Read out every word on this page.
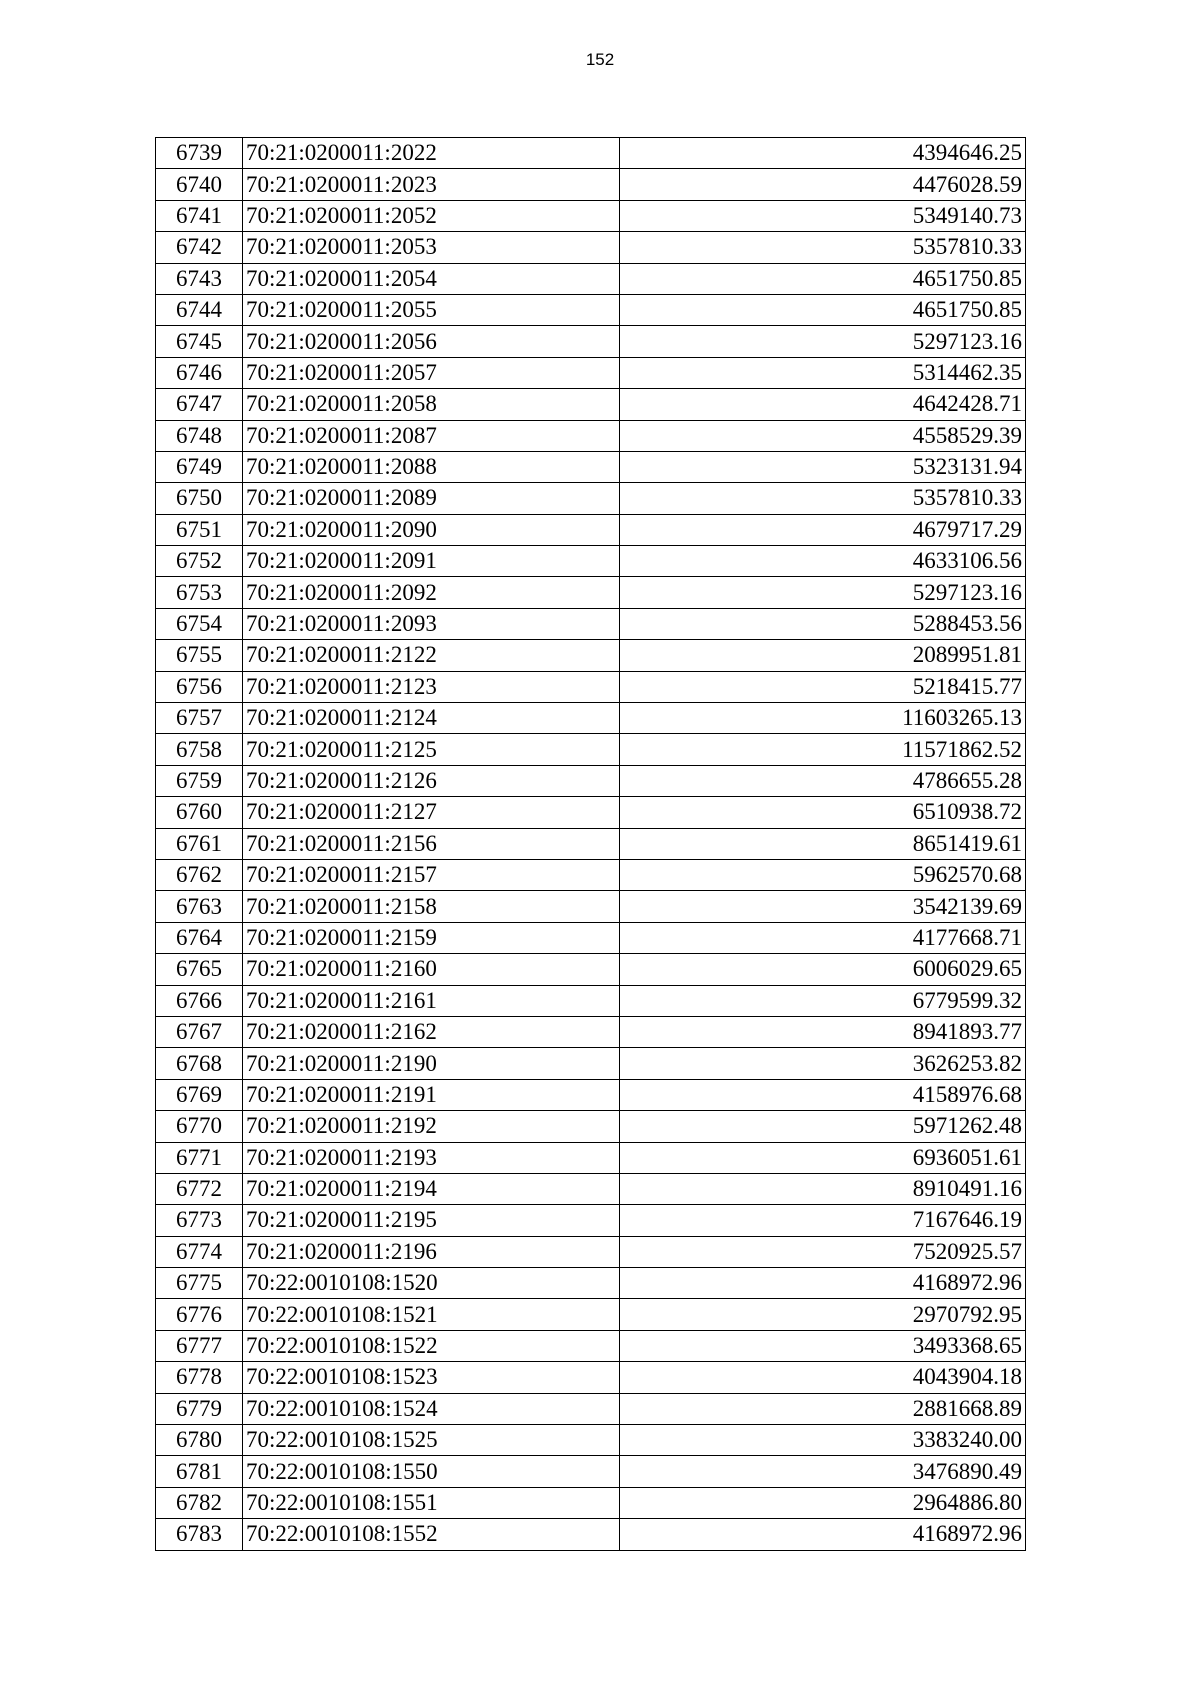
152
6739	70:21:0200011:2022	4394646.25
6740	70:21:0200011:2023	4476028.59
6741	70:21:0200011:2052	5349140.73
6742	70:21:0200011:2053	5357810.33
6743	70:21:0200011:2054	4651750.85
6744	70:21:0200011:2055	4651750.85
6745	70:21:0200011:2056	5297123.16
6746	70:21:0200011:2057	5314462.35
6747	70:21:0200011:2058	4642428.71
6748	70:21:0200011:2087	4558529.39
6749	70:21:0200011:2088	5323131.94
6750	70:21:0200011:2089	5357810.33
6751	70:21:0200011:2090	4679717.29
6752	70:21:0200011:2091	4633106.56
6753	70:21:0200011:2092	5297123.16
6754	70:21:0200011:2093	5288453.56
6755	70:21:0200011:2122	2089951.81
6756	70:21:0200011:2123	5218415.77
6757	70:21:0200011:2124	11603265.13
6758	70:21:0200011:2125	11571862.52
6759	70:21:0200011:2126	4786655.28
6760	70:21:0200011:2127	6510938.72
6761	70:21:0200011:2156	8651419.61
6762	70:21:0200011:2157	5962570.68
6763	70:21:0200011:2158	3542139.69
6764	70:21:0200011:2159	4177668.71
6765	70:21:0200011:2160	6006029.65
6766	70:21:0200011:2161	6779599.32
6767	70:21:0200011:2162	8941893.77
6768	70:21:0200011:2190	3626253.82
6769	70:21:0200011:2191	4158976.68
6770	70:21:0200011:2192	5971262.48
6771	70:21:0200011:2193	6936051.61
6772	70:21:0200011:2194	8910491.16
6773	70:21:0200011:2195	7167646.19
6774	70:21:0200011:2196	7520925.57
6775	70:22:0010108:1520	4168972.96
6776	70:22:0010108:1521	2970792.95
6777	70:22:0010108:1522	3493368.65
6778	70:22:0010108:1523	4043904.18
6779	70:22:0010108:1524	2881668.89
6780	70:22:0010108:1525	3383240.00
6781	70:22:0010108:1550	3476890.49
6782	70:22:0010108:1551	2964886.80
6783	70:22:0010108:1552	4168972.96
